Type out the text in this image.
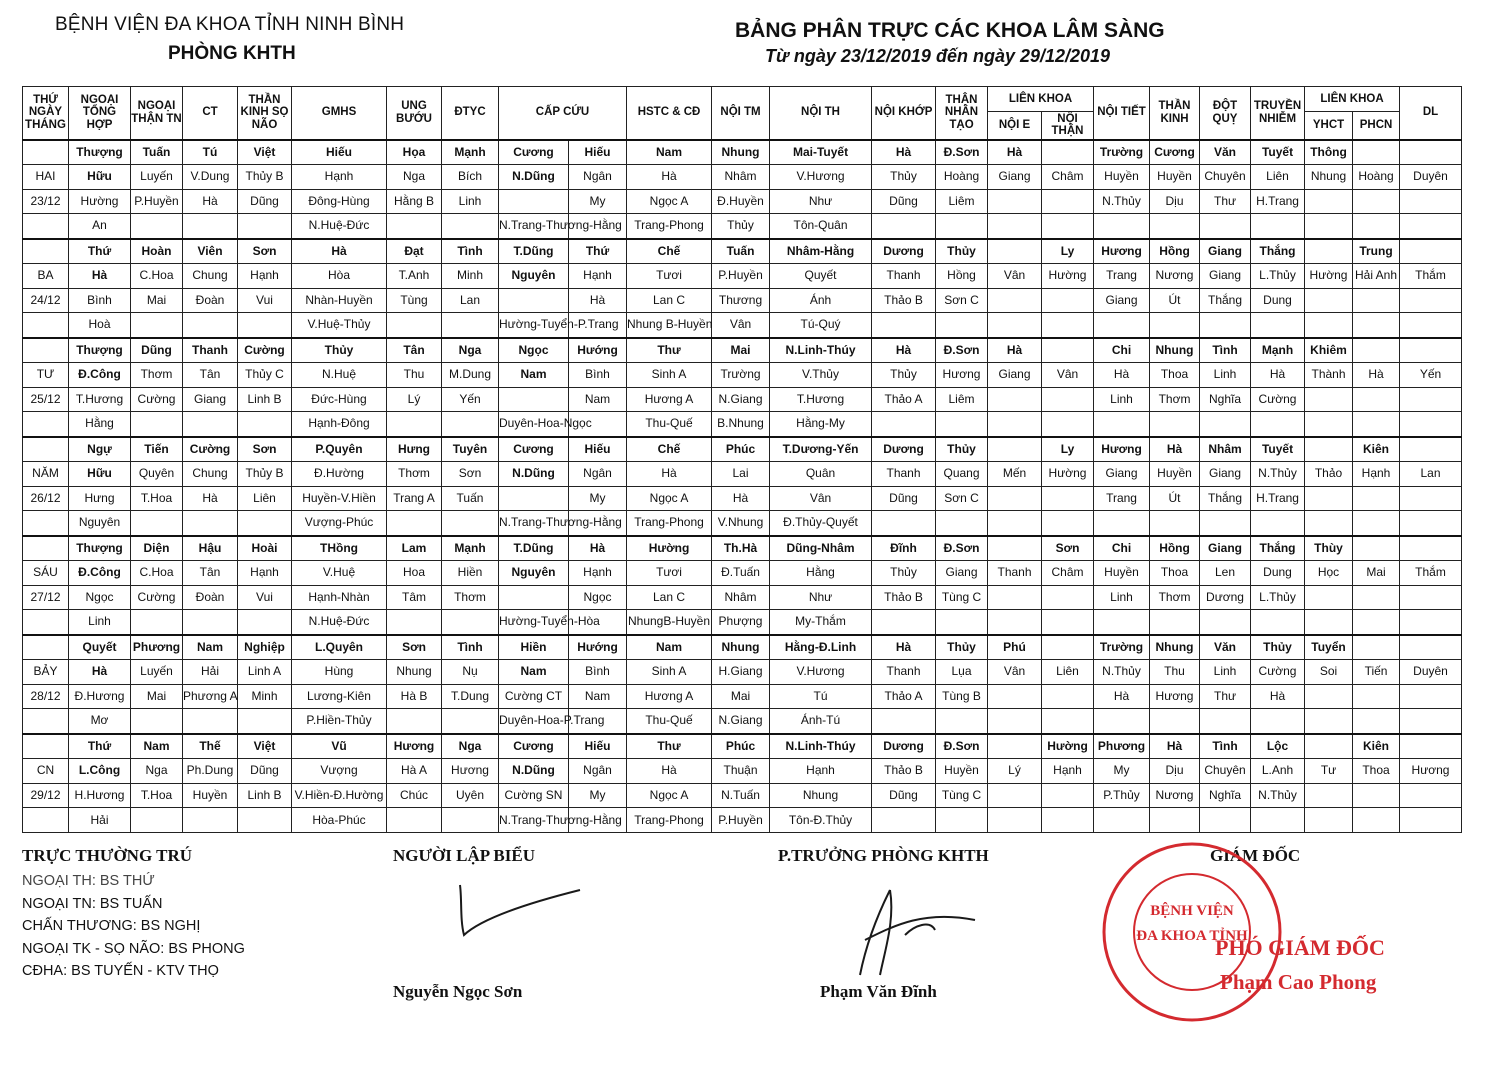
BỆNH VIỆN ĐA KHOA TỈNH NINH BÌNH
PHÒNG KHTH
BẢNG PHÂN TRỰC CÁC KHOA LÂM SÀNG
Từ ngày 23/12/2019 đến ngày 29/12/2019
THỨ NGÀY THÁNG	NGOẠI TỔNG HỢP	NGOẠI THẬN TN	CT	THẦN KINH SỌ NÃO	GMHS	UNG BƯỚU	ĐTYC	CẤP CỨU		HSTC & CĐ	NỘI TM	NỘI TH	NỘI KHỚP	THẬN NHÂN TẠO	LIÊN KHOA		NỘI TIẾT	THẦN KINH	ĐỘT QUỴ	TRUYỀN NHIỄM	LIÊN KHOA		DL
															NỘI E	NỘI THẬN					YHCT	PHCN	
	Thượng	Tuấn	Tú	Việt	Hiếu	Họa	Mạnh	Cương	Hiếu	Nam	Nhung	Mai-Tuyết	Hà	Đ.Sơn	Hà		Trường	Cương	Văn	Tuyết	Thông		
HAI	Hữu	Luyến	V.Dung	Thủy B	Hạnh	Nga	Bích	N.Dũng	Ngân	Hà	Nhâm	V.Hương	Thủy	Hoàng	Giang	Châm	Huyền	Huyền	Chuyên	Liên	Nhung	Hoàng	Duyên
23/12	Hường	P.Huyền	Hà	Dũng	Đông-Hùng	Hằng B	Linh		My	Ngọc A	Đ.Huyền	Như	Dũng	Liêm			N.Thủy	Dịu	Thư	H.Trang			
	An				N.Huệ-Đức			N.Trang-Thương-Hằng		Trang-Phong	Thủy	Tôn-Quân											
	Thứ	Hoàn	Viên	Sơn	Hà	Đạt	Tình	T.Dũng	Thứ	Chế	Tuấn	Nhâm-Hằng	Dương	Thủy		Ly	Hương	Hồng	Giang	Thắng		Trung	
BA	Hà	C.Hoa	Chung	Hạnh	Hòa	T.Anh	Minh	Nguyên	Hạnh	Tươi	P.Huyền	Quyết	Thanh	Hồng	Vân	Hường	Trang	Nương	Giang	L.Thủy	Hường	Hải Anh	Thắm
24/12	Bình	Mai	Đoàn	Vui	Nhàn-Huyền	Tùng	Lan		Hà	Lan C	Thương	Ánh	Thảo B	Sơn C			Giang	Út	Thắng	Dung			
	Hoà				V.Huệ-Thủy			Hường-Tuyển-P.Trang		Nhung B-Huyền	Vân	Tú-Quý											
	Thượng	Dũng	Thanh	Cường	Thủy	Tân	Nga	Ngọc	Hướng	Thư	Mai	N.Linh-Thúy	Hà	Đ.Sơn	Hà		Chi	Nhung	Tình	Mạnh	Khiêm		
TƯ	Đ.Công	Thơm	Tân	Thủy C	N.Huệ	Thu	M.Dung	Nam	Bình	Sinh A	Trường	V.Thủy	Thủy	Hương	Giang	Vân	Hà	Thoa	Linh	Hà	Thành	Hà	Yến
25/12	T.Hương	Cường	Giang	Linh B	Đức-Hùng	Lý	Yến		Nam	Hương A	N.Giang	T.Hương	Thảo A	Liêm			Linh	Thơm	Nghĩa	Cường			
	Hằng				Hạnh-Đông			Duyên-Hoa-Ngọc		Thu-Quế	B.Nhung	Hằng-My											
	Ngự	Tiến	Cường	Sơn	P.Quyên	Hưng	Tuyên	Cương	Hiếu	Chế	Phúc	T.Dương-Yến	Dương	Thủy		Ly	Hương	Hà	Nhâm	Tuyết		Kiên	
NĂM	Hữu	Quyên	Chung	Thủy B	Đ.Hường	Thơm	Sơn	N.Dũng	Ngân	Hà	Lai	Quân	Thanh	Quang	Mến	Hường	Giang	Huyền	Giang	N.Thủy	Thảo	Hạnh	Lan
26/12	Hưng	T.Hoa	Hà	Liên	Huyền-V.Hiền	Trang A	Tuấn		My	Ngọc A	Hà	Vân	Dũng	Sơn C			Trang	Út	Thắng	H.Trang			
	Nguyên				Vượng-Phúc			N.Trang-Thương-Hằng		Trang-Phong	V.Nhung	Đ.Thủy-Quyết											
	Thượng	Diện	Hậu	Hoài	THồng	Lam	Mạnh	T.Dũng	Hà	Hường	Th.Hà	Dũng-Nhâm	Đĩnh	Đ.Sơn		Sơn	Chi	Hồng	Giang	Thắng	Thùy		
SÁU	Đ.Công	C.Hoa	Tân	Hạnh	V.Huệ	Hoa	Hiền	Nguyên	Hạnh	Tươi	Đ.Tuấn	Hằng	Thủy	Giang	Thanh	Châm	Huyền	Thoa	Len	Dung	Học	Mai	Thắm
27/12	Ngọc	Cường	Đoàn	Vui	Hạnh-Nhàn	Tâm	Thơm		Ngọc	Lan C	Nhâm	Như	Thảo B	Tùng C			Linh	Thơm	Dương	L.Thủy			
	Linh				N.Huệ-Đức			Hường-Tuyển-Hòa		NhungB-Huyền	Phượng	My-Thắm											
	Quyết	Phương	Nam	Nghiệp	L.Quyên	Sơn	Tình	Hiền	Hướng	Nam	Nhung	Hằng-Đ.Linh	Hà	Thủy	Phú		Trường	Nhung	Văn	Thủy	Tuyển		
BẢY	Hà	Luyến	Hải	Linh A	Hùng	Nhung	Nụ	Nam	Bình	Sinh A	H.Giang	V.Hương	Thanh	Lụa	Vân	Liên	N.Thủy	Thu	Linh	Cường	Soi	Tiến	Duyên
28/12	Đ.Hương	Mai	Phương A	Minh	Lương-Kiên	Hà B	T.Dung	Cường CT	Nam	Hương A	Mai	Tú	Thảo A	Tùng B			Hà	Hương	Thư	Hà			
	Mơ				P.Hiền-Thủy			Duyên-Hoa-P.Trang		Thu-Quế	N.Giang	Ánh-Tú											
	Thứ	Nam	Thế	Việt	Vũ	Hương	Nga	Cương	Hiếu	Thư	Phúc	N.Linh-Thúy	Dương	Đ.Sơn		Hường	Phương	Hà	Tình	Lộc		Kiên	
CN	L.Công	Nga	Ph.Dung	Dũng	Vượng	Hà A	Hương	N.Dũng	Ngân	Hà	Thuận	Hạnh	Thảo B	Huyền	Lý	Hạnh	My	Dịu	Chuyên	L.Anh	Tư	Thoa	Hương
29/12	H.Hương	T.Hoa	Huyền	Linh B	V.Hiền-Đ.Hường	Chúc	Uyên	Cường SN	My	Ngọc A	N.Tuấn	Nhung	Dũng	Tùng C			P.Thủy	Nương	Nghĩa	N.Thủy			
	Hải				Hòa-Phúc			N.Trang-Thương-Hằng		Trang-Phong	P.Huyền	Tôn-Đ.Thủy											
TRỰC THƯỜNG TRÚ
NGOẠI TH: BS THỨ
NGOẠI TN: BS TUẤN
CHẤN THƯƠNG: BS NGHỊ
NGOẠI TK - SỌ NÃO: BS PHONG
CĐHA: BS TUYẾN - KTV THỌ
NGƯỜI LẬP BIỂU
Nguyễn Ngọc Sơn
P.TRƯỞNG PHÒNG KHTH
Phạm Văn Đĩnh
GIÁM ĐỐC
BỆNH VIỆN
ĐA KHOA TỈNH
PHÓ GIÁM ĐỐC
Phạm Cao Phong
